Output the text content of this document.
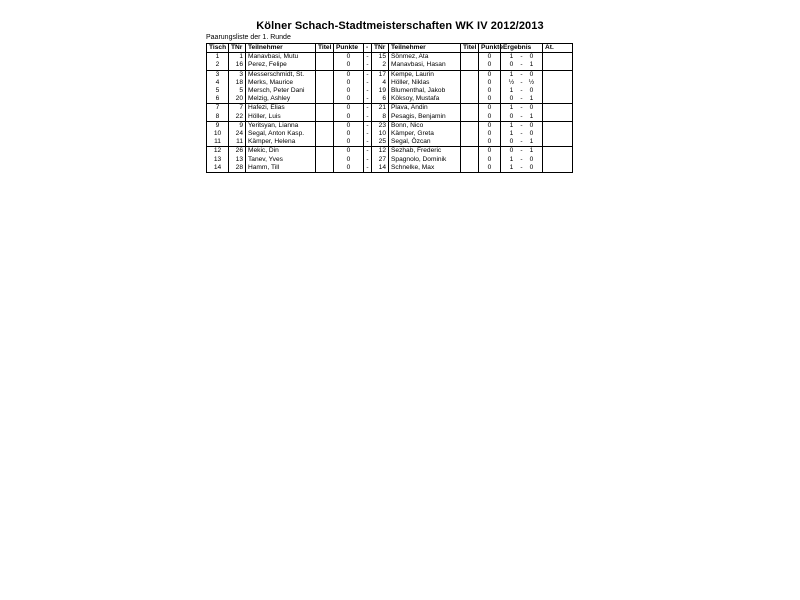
Kölner Schach-Stadtmeisterschaften WK IV 2012/2013
Paarungsliste der 1. Runde
Tisch	TNr	Teilnehmer	Titel	Punkte	-	TNr	Teilnehmer	Titel	Punkte	Ergebnis	At.
1	1	Manavbasi, Mutu		0	-	15	Sönmez, Ata		0	1 - 0	
2	16	Perez, Felipe		0	-	2	Manavbasi, Hasan		0	0 - 1	
3	3	Messerschmidt, St.		0	-	17	Kempe, Laurin		0	1 - 0	
4	18	Merks, Maurice		0	-	4	Höller, Niklas		0	½ - ½	
5	5	Mersch, Peter Dani		0	-	19	Blumenthal, Jakob		0	1 - 0	
6	20	Melzig, Ashley		0	-	6	Köksoy, Mustafa		0	0 - 1	
7	7	Hafezi, Elias		0	-	21	Plava, Andin		0	1 - 0	
8	22	Höller, Luis		0	-	8	Pesagis, Benjamin		0	0 - 1	
9	9	Yeritsyan, Lianna		0	-	23	Bonn, Nico		0	1 - 0	
10	24	Segal, Anton Kasp.		0	-	10	Kämper, Greta		0	1 - 0	
11	11	Kämper, Helena		0	-	25	Segal, Özcan		0	0 - 1	
12	26	Mekic, Din		0	-	12	Sezhab, Frederic		0	0 - 1	
13	13	Tanev, Yves		0	-	27	Spagnolo, Dominik		0	1 - 0	
14	28	Hamm, Till		0	-	14	Schnelke, Max		0	1 - 0	
